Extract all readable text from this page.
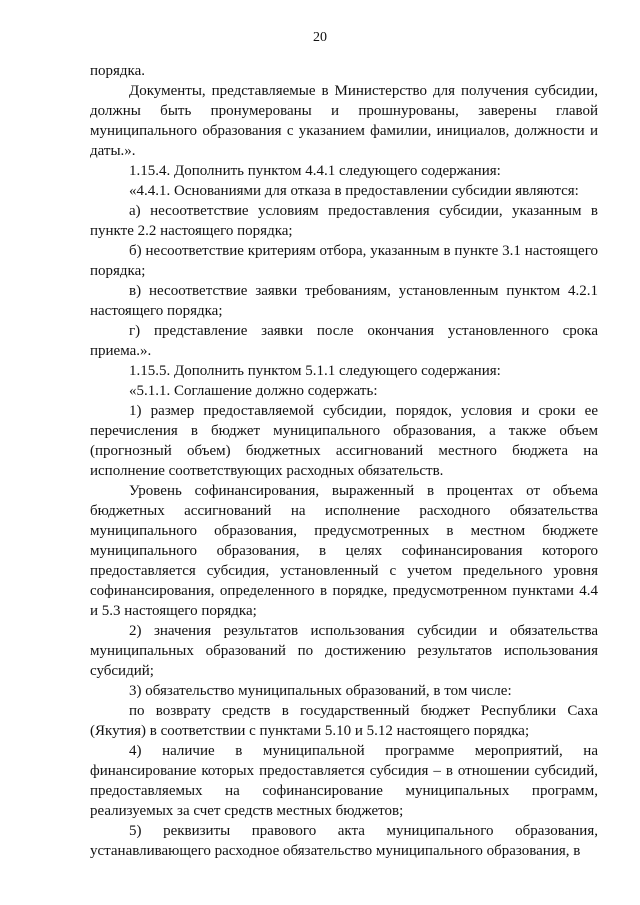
20

порядка.

Документы, представляемые в Министерство для получения субсидии, должны быть пронумерованы и прошнурованы, заверены главой муниципального образования с указанием фамилии, инициалов, должности и даты.».

1.15.4. Дополнить пунктом 4.4.1 следующего содержания:

«4.4.1. Основаниями для отказа в предоставлении субсидии являются:

а) несоответствие условиям предоставления субсидии, указанным в пункте 2.2 настоящего порядка;

б) несоответствие критериям отбора, указанным в пункте 3.1 настоящего порядка;

в) несоответствие заявки требованиям, установленным пунктом 4.2.1 настоящего порядка;

г) представление заявки после окончания установленного срока приема.».

1.15.5. Дополнить пунктом 5.1.1 следующего содержания:

«5.1.1. Соглашение должно содержать:

1) размер предоставляемой субсидии, порядок, условия и сроки ее перечисления в бюджет муниципального образования, а также объем (прогнозный объем) бюджетных ассигнований местного бюджета на исполнение соответствующих расходных обязательств.

Уровень софинансирования, выраженный в процентах от объема бюджетных ассигнований на исполнение расходного обязательства муниципального образования, предусмотренных в местном бюджете муниципального образования, в целях софинансирования которого предоставляется субсидия, установленный с учетом предельного уровня софинансирования, определенного в порядке, предусмотренном пунктами 4.4 и 5.3 настоящего порядка;

2) значения результатов использования субсидии и обязательства муниципальных образований по достижению результатов использования субсидий;

3) обязательство муниципальных образований, в том числе:

по возврату средств в государственный бюджет Республики Саха (Якутия) в соответствии с пунктами 5.10 и 5.12 настоящего порядка;

4) наличие в муниципальной программе мероприятий, на финансирование которых предоставляется субсидия – в отношении субсидий, предоставляемых на софинансирование муниципальных программ, реализуемых за счет средств местных бюджетов;

5) реквизиты правового акта муниципального образования, устанавливающего расходное обязательство муниципального образования, в
